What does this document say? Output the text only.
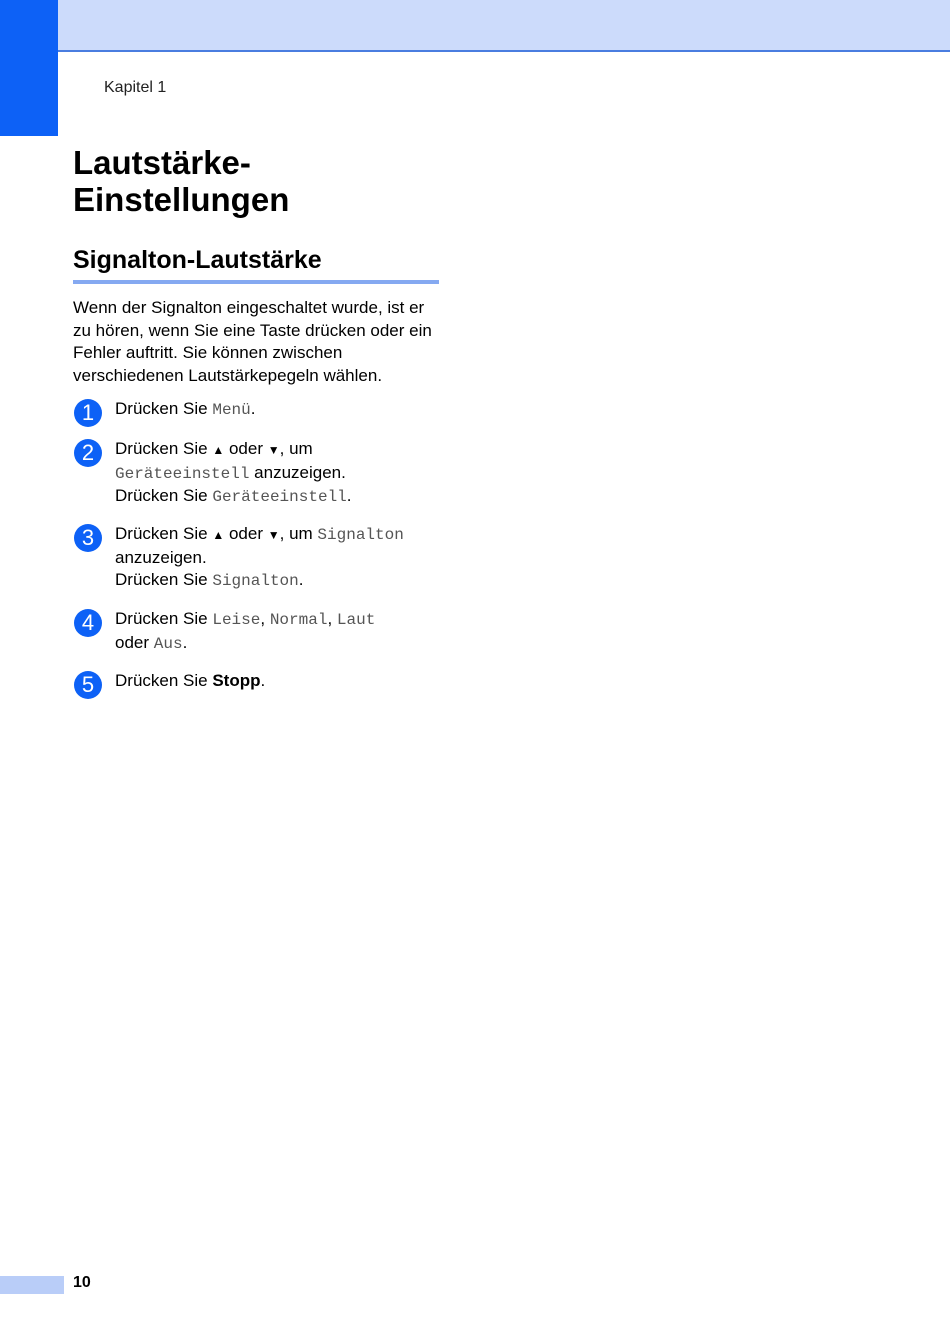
Kapitel 1
Lautstärke-Einstellungen
Signalton-Lautstärke

Wenn der Signalton eingeschaltet wurde, ist er zu hören, wenn Sie eine Taste drücken oder ein Fehler auftritt. Sie können zwischen verschiedenen Lautstärkepegeln wählen.

1	Drücken Sie Menü.
2	Drücken Sie ▲ oder ▼, um
Geräteeinstell anzuzeigen.
Drücken Sie Geräteeinstell.
3	Drücken Sie ▲ oder ▼, um Signalton
anzuzeigen.
Drücken Sie Signalton.
4	Drücken Sie Leise, Normal, Laut
oder Aus.
5	Drücken Sie Stopp.
10
